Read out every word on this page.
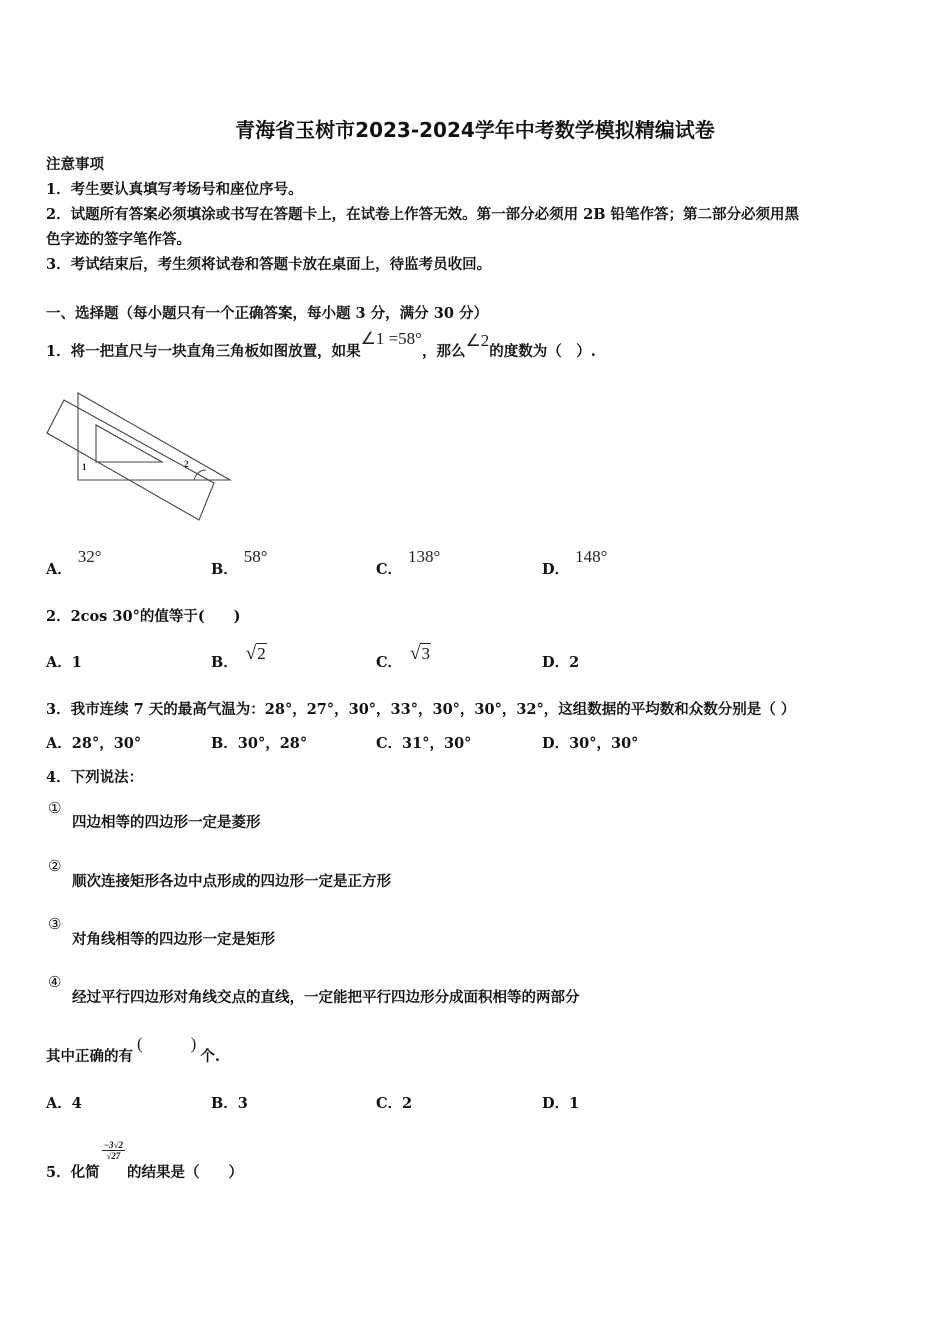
青海省玉树市2023-2024学年中考数学模拟精编试卷
注意事项
1．考生要认真填写考场号和座位序号。
2．试题所有答案必须填涂或书写在答题卡上，在试卷上作答无效。第一部分必须用 2B 铅笔作答；第二部分必须用黑
色字迹的签字笔作答。
3．考试结束后，考生须将试卷和答题卡放在桌面上，待监考员收回。
一、选择题（每小题只有一个正确答案，每小题 3 分，满分 30 分）
1．将一把直尺与一块直角三角板如图放置，如果∠1 =58°，那么∠2的度数为（　）.
1	2
A．32°
B．58°
C．138°
D．148°
2．2cos 30°的值等于(　　)
A．1	B． √2	C． √3	D．2
3．我市连续 7 天的最高气温为：28°，27°，30°，33°，30°，30°，32°，这组数据的平均数和众数分别是（ ）
A．28°，30°	B．30°，28°	C．31°，30°	D．30°，30°
4．下列说法：
①
四边相等的四边形一定是菱形
②
顺次连接矩形各边中点形成的四边形一定是正方形
③
对角线相等的四边形一定是矩形
④
经过平行四边形对角线交点的直线，一定能把平行四边形分成面积相等的两部分
其中正确的有(	)个.
A．4	B．3	C．2	D．1
5．化简
$\frac{-3√2}{√27}$
的结果是（　　）
